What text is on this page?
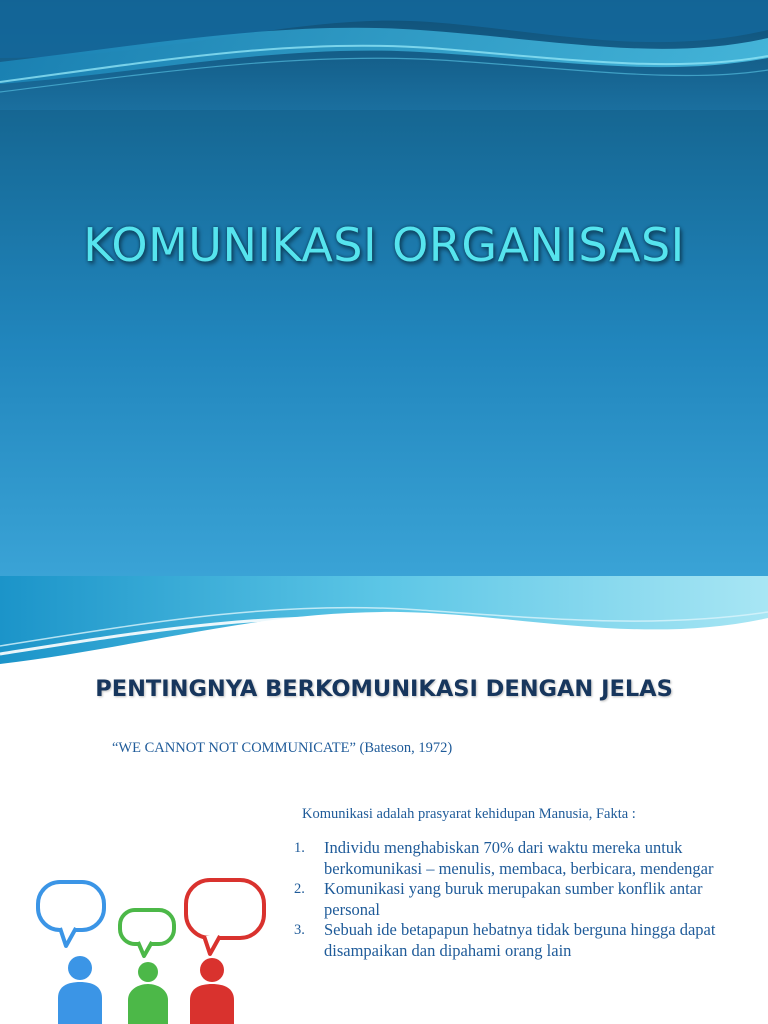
KOMUNIKASI ORGANISASI
PENTINGNYA BERKOMUNIKASI DENGAN JELAS
“WE CANNOT NOT COMMUNICATE” (Bateson, 1972)
Komunikasi adalah prasyarat kehidupan Manusia, Fakta :
1. Individu menghabiskan 70% dari waktu mereka untuk berkomunikasi – menulis, membaca, berbicara, mendengar
2. Komunikasi yang buruk merupakan sumber konflik antar personal
3. Sebuah ide betapapun hebatnya tidak berguna hingga dapat disampaikan dan dipahami orang lain
